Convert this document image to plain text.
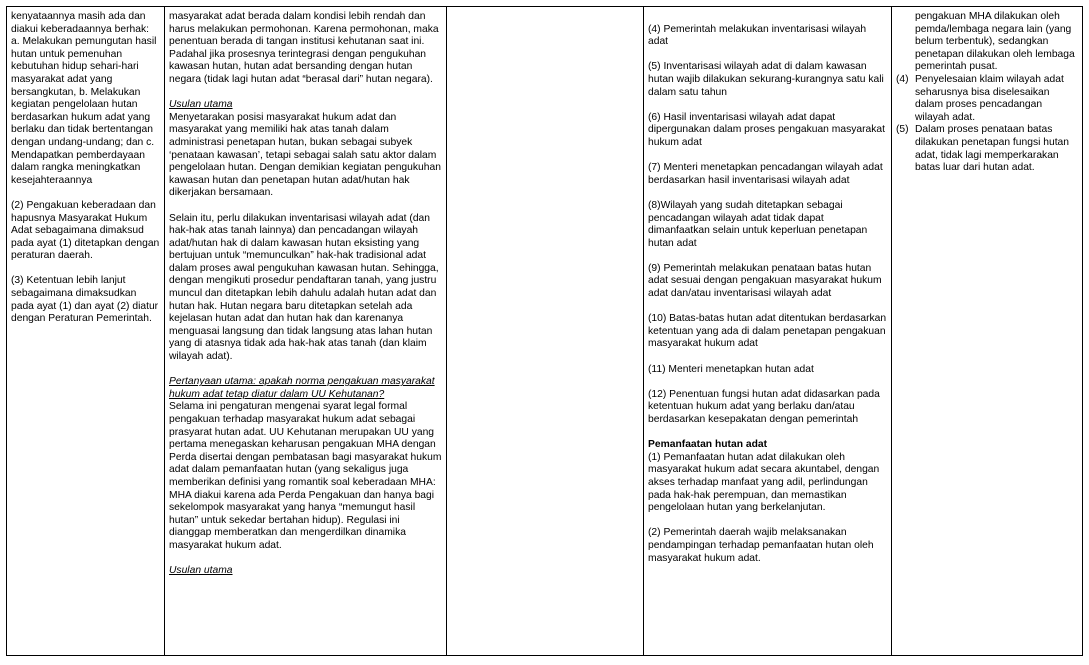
kenyataannya masih ada dan diakui keberadaannya berhak: a. Melakukan pemungutan hasil hutan untuk pemenuhan kebutuhan hidup sehari-hari masyarakat adat yang bersangkutan, b. Melakukan kegiatan pengelolaan hutan berdasarkan hukum adat yang berlaku dan tidak bertentangan dengan undang-undang; dan c. Mendapatkan pemberdayaan dalam rangka meningkatkan kesejahteraannya

(2) Pengakuan keberadaan dan hapusnya Masyarakat Hukum Adat sebagaimana dimaksud pada ayat (1) ditetapkan dengan peraturan daerah.

(3) Ketentuan lebih lanjut sebagaimana dimaksudkan pada ayat (1) dan ayat (2) diatur dengan Peraturan Pemerintah.

masyarakat adat berada dalam kondisi lebih rendah dan harus melakukan permohonan. Karena permohonan, maka penentuan berada di tangan institusi kehutanan saat ini. Padahal jika prosesnya terintegrasi dengan pengukuhan kawasan hutan, hutan adat bersanding dengan hutan negara (tidak lagi hutan adat “berasal dari” hutan negara).

Usulan utama

Menyetarakan posisi masyarakat hukum adat dan masyarakat yang memiliki hak atas tanah dalam administrasi penetapan hutan, bukan sebagai subyek ‘penataan kawasan’, tetapi sebagai salah satu aktor dalam pengelolaan hutan. Dengan demikian kegiatan pengukuhan kawasan hutan dan penetapan hutan adat/hutan hak dikerjakan bersamaan.

Selain itu, perlu dilakukan inventarisasi wilayah adat (dan hak-hak atas tanah lainnya) dan pencadangan wilayah adat/hutan hak di dalam kawasan hutan eksisting yang bertujuan untuk “memunculkan” hak-hak tradisional adat dalam proses awal pengukuhan kawasan hutan. Sehingga, dengan mengikuti prosedur pendaftaran tanah, yang justru muncul dan ditetapkan lebih dahulu adalah hutan adat dan hutan hak. Hutan negara baru ditetapkan setelah ada kejelasan hutan adat dan hutan hak dan karenanya menguasai langsung dan tidak langsung atas lahan hutan yang di atasnya tidak ada hak-hak atas tanah (dan klaim wilayah adat).

Pertanyaan utama: apakah norma pengakuan masyarakat hukum adat tetap diatur dalam UU Kehutanan?

Selama ini pengaturan mengenai syarat legal formal pengakuan terhadap masyarakat hukum adat sebagai prasyarat hutan adat. UU Kehutanan merupakan UU yang pertama menegaskan keharusan pengakuan MHA dengan Perda disertai dengan pembatasan bagi masyarakat hukum adat dalam pemanfaatan hutan (yang sekaligus juga memberikan definisi yang romantik soal keberadaan MHA: MHA diakui karena ada Perda Pengakuan dan hanya bagi sekelompok masyarakat yang hanya “memungut hasil hutan” untuk sekedar bertahan hidup). Regulasi ini dianggap memberatkan dan mengerdilkan dinamika masyarakat hukum adat.

Usulan utama

(4) Pemerintah melakukan inventarisasi wilayah adat

(5) Inventarisasi wilayah adat di dalam kawasan hutan wajib dilakukan sekurang-kurangnya satu kali dalam satu tahun

(6) Hasil inventarisasi wilayah adat dapat dipergunakan dalam proses pengakuan masyarakat hukum adat

(7) Menteri menetapkan pencadangan wilayah adat berdasarkan hasil inventarisasi wilayah adat

(8)Wilayah yang sudah ditetapkan sebagai pencadangan wilayah adat tidak dapat dimanfaatkan selain untuk keperluan penetapan hutan adat

(9) Pemerintah melakukan penataan batas hutan adat sesuai dengan pengakuan masyarakat hukum adat dan/atau inventarisasi wilayah adat

(10) Batas-batas hutan adat ditentukan berdasarkan ketentuan yang ada di dalam penetapan pengakuan masyarakat hukum adat

(11) Menteri menetapkan hutan adat

(12) Penentuan fungsi hutan adat didasarkan pada ketentuan hukum adat yang berlaku dan/atau berdasarkan kesepakatan dengan pemerintah

Pemanfaatan hutan adat

(1) Pemanfaatan hutan adat dilakukan oleh masyarakat hukum adat secara akuntabel, dengan akses terhadap manfaat yang adil, perlindungan pada hak-hak perempuan, dan memastikan pengelolaan hutan yang berkelanjutan.

(2) Pemerintah daerah wajib melaksanakan pendampingan terhadap pemanfaatan hutan oleh masyarakat hukum adat.

pengakuan MHA dilakukan oleh pemda/lembaga negara lain (yang belum terbentuk), sedangkan penetapan dilakukan oleh lembaga pemerintah pusat.

(4) Penyelesaian klaim wilayah adat seharusnya bisa diselesaikan dalam proses pencadangan wilayah adat.
(5) Dalam proses penataan batas dilakukan penetapan fungsi hutan adat, tidak lagi memperkarakan batas luar dari hutan adat.
